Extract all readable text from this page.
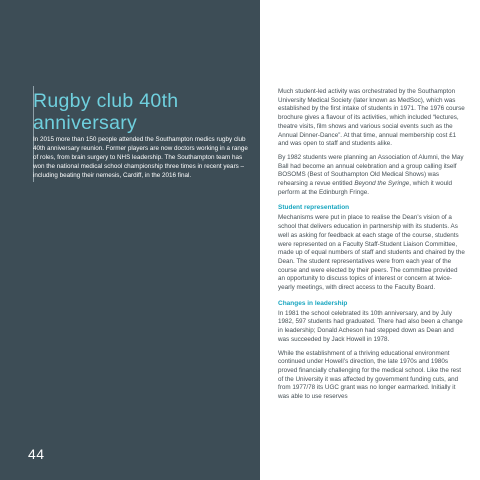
Rugby club 40th
anniversary
In 2015 more than 150 people attended the Southampton medics rugby club 40th anniversary reunion. Former players are now doctors working in a range of roles, from brain surgery to NHS leadership. The Southampton team has won the national medical school championship three times in recent years – including beating their nemesis, Cardiff, in the 2016 final.
44

Much student-led activity was orchestrated by the Southampton University Medical Society (later known as MedSoc), which was established by the first intake of students in 1971. The 1976 course brochure gives a flavour of its activities, which included “lectures, theatre visits, film shows and various social events such as the Annual Dinner-Dance”. At that time, annual membership cost £1 and was open to staff and students alike.

By 1982 students were planning an Association of Alumni, the May Ball had become an annual celebration and a group calling itself BOSOMS (Best of Southampton Old Medical Shows) was rehearsing a revue entitled Beyond the Syringe, which it would perform at the Edinburgh Fringe.

Student representation

Mechanisms were put in place to realise the Dean’s vision of a school that delivers education in partnership with its students. As well as asking for feedback at each stage of the course, students were represented on a Faculty Staff-Student Liaison Committee, made up of equal numbers of staff and students and chaired by the Dean. The student representatives were from each year of the course and were elected by their peers. The committee provided an opportunity to discuss topics of interest or concern at twice-yearly meetings, with direct access to the Faculty Board.

Changes in leadership

In 1981 the school celebrated its 10th anniversary, and by July 1982, 597 students had graduated. There had also been a change in leadership; Donald Acheson had stepped down as Dean and was succeeded by Jack Howell in 1978.

While the establishment of a thriving educational environment continued under Howell’s direction, the late 1970s and 1980s proved financially challenging for the medical school. Like the rest of the University it was affected by government funding cuts, and from 1977/78 its UGC grant was no longer earmarked. Initially it was able to use reserves
